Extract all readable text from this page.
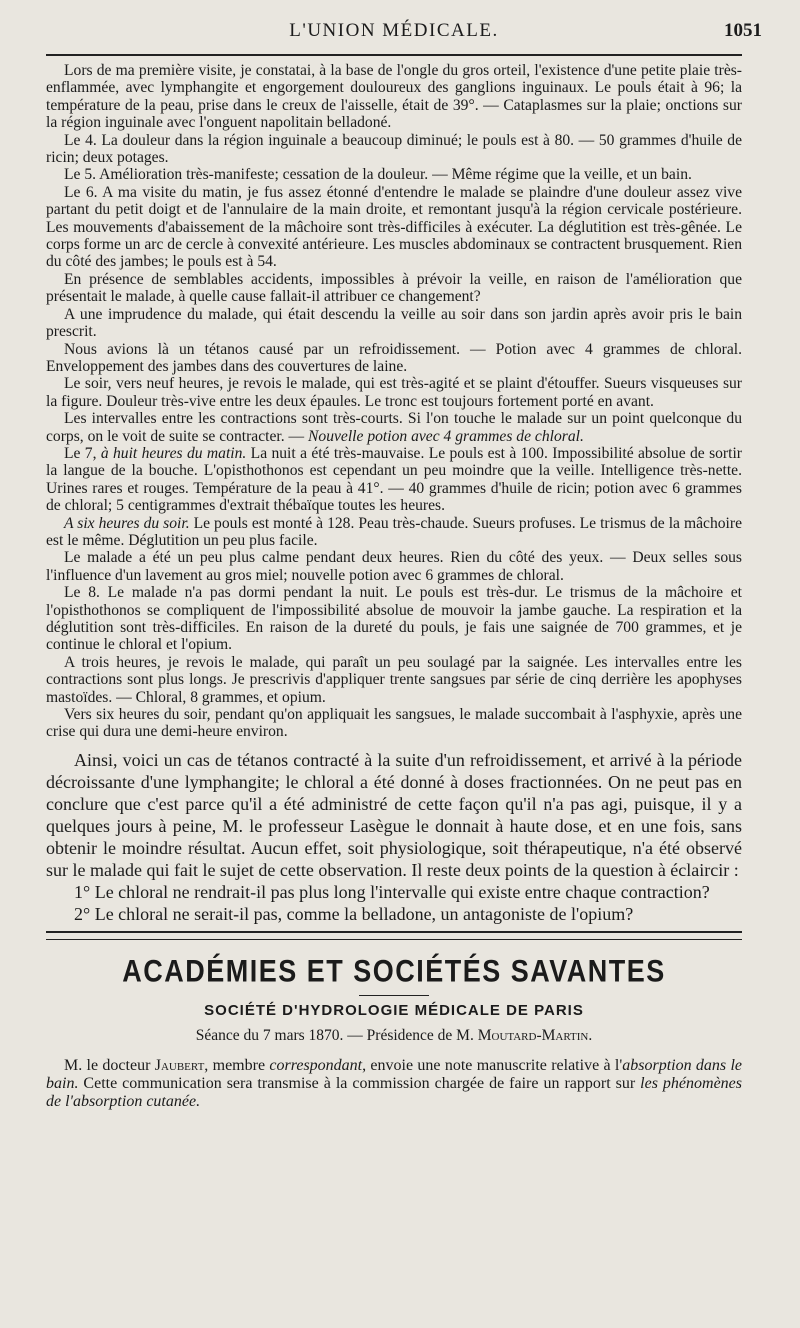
L'UNION MÉDICALE.	1051

Lors de ma première visite, je constatai, à la base de l'ongle du gros orteil, l'existence d'une petite plaie très-enflammée, avec lymphangite et engorgement douloureux des ganglions inguinaux. Le pouls était à 96; la température de la peau, prise dans le creux de l'aisselle, était de 39°. — Cataplasmes sur la plaie; onctions sur la région inguinale avec l'onguent napolitain belladoné.

Le 4. La douleur dans la région inguinale a beaucoup diminué; le pouls est à 80. — 50 grammes d'huile de ricin; deux potages.

Le 5. Amélioration très-manifeste; cessation de la douleur. — Même régime que la veille, et un bain.

Le 6. A ma visite du matin, je fus assez étonné d'entendre le malade se plaindre d'une douleur assez vive partant du petit doigt et de l'annulaire de la main droite, et remontant jusqu'à la région cervicale postérieure. Les mouvements d'abaissement de la mâchoire sont très-difficiles à exécuter. La déglutition est très-gênée. Le corps forme un arc de cercle à convexité antérieure. Les muscles abdominaux se contractent brusquement. Rien du côté des jambes; le pouls est à 54.

En présence de semblables accidents, impossibles à prévoir la veille, en raison de l'amélioration que présentait le malade, à quelle cause fallait-il attribuer ce changement?

A une imprudence du malade, qui était descendu la veille au soir dans son jardin après avoir pris le bain prescrit.

Nous avions là un tétanos causé par un refroidissement. — Potion avec 4 grammes de chloral. Enveloppement des jambes dans des couvertures de laine.

Le soir, vers neuf heures, je revois le malade, qui est très-agité et se plaint d'étouffer. Sueurs visqueuses sur la figure. Douleur très-vive entre les deux épaules. Le tronc est toujours fortement porté en avant.

Les intervalles entre les contractions sont très-courts. Si l'on touche le malade sur un point quelconque du corps, on le voit de suite se contracter. — Nouvelle potion avec 4 grammes de chloral.

Le 7, à huit heures du matin. La nuit a été très-mauvaise. Le pouls est à 100. Impossibilité absolue de sortir la langue de la bouche. L'opisthothonos est cependant un peu moindre que la veille. Intelligence très-nette. Urines rares et rouges. Température de la peau à 41°. — 40 grammes d'huile de ricin; potion avec 6 grammes de chloral; 5 centigrammes d'extrait thébaïque toutes les heures.

A six heures du soir. Le pouls est monté à 128. Peau très-chaude. Sueurs profuses. Le trismus de la mâchoire est le même. Déglutition un peu plus facile.

Le malade a été un peu plus calme pendant deux heures. Rien du côté des yeux. — Deux selles sous l'influence d'un lavement au gros miel; nouvelle potion avec 6 grammes de chloral.

Le 8. Le malade n'a pas dormi pendant la nuit. Le pouls est très-dur. Le trismus de la mâchoire et l'opisthothonos se compliquent de l'impossibilité absolue de mouvoir la jambe gauche. La respiration et la déglutition sont très-difficiles. En raison de la dureté du pouls, je fais une saignée de 700 grammes, et je continue le chloral et l'opium.

A trois heures, je revois le malade, qui paraît un peu soulagé par la saignée. Les intervalles entre les contractions sont plus longs. Je prescrivis d'appliquer trente sangsues par série de cinq derrière les apophyses mastoïdes. — Chloral, 8 grammes, et opium.

Vers six heures du soir, pendant qu'on appliquait les sangsues, le malade succombait à l'asphyxie, après une crise qui dura une demi-heure environ.

Ainsi, voici un cas de tétanos contracté à la suite d'un refroidissement, et arrivé à la période décroissante d'une lymphangite; le chloral a été donné à doses fractionnées. On ne peut pas en conclure que c'est parce qu'il a été administré de cette façon qu'il n'a pas agi, puisque, il y a quelques jours à peine, M. le professeur Lasègue le donnait à haute dose, et en une fois, sans obtenir le moindre résultat. Aucun effet, soit physiologique, soit thérapeutique, n'a été observé sur le malade qui fait le sujet de cette observation. Il reste deux points de la question à éclaircir :

1° Le chloral ne rendrait-il pas plus long l'intervalle qui existe entre chaque contraction?

2° Le chloral ne serait-il pas, comme la belladone, un antagoniste de l'opium?

ACADÉMIES ET SOCIÉTÉS SAVANTES
SOCIÉTÉ D'HYDROLOGIE MÉDICALE DE PARIS
Séance du 7 mars 1870. — Présidence de M. Moutard-Martin.

M. le docteur Jaubert, membre correspondant, envoie une note manuscrite relative à l'absorption dans le bain. Cette communication sera transmise à la commission chargée de faire un rapport sur les phénomènes de l'absorption cutanée.
